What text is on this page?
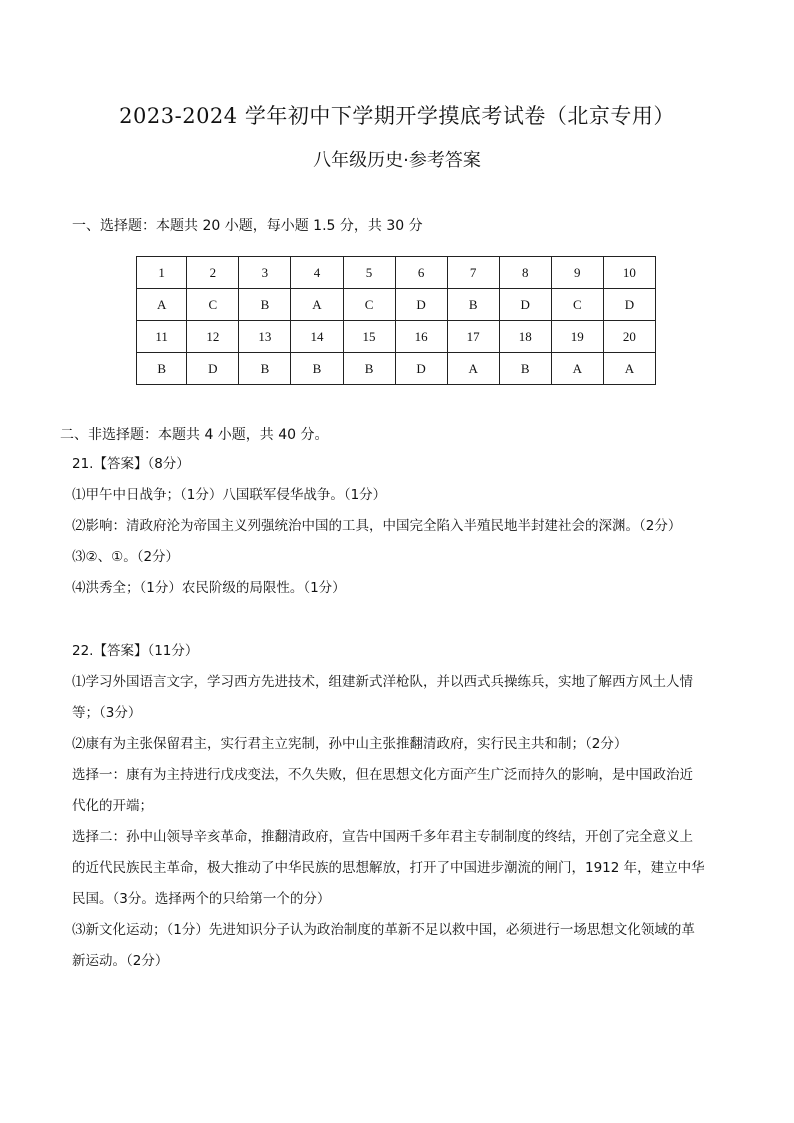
2023-2024 学年初中下学期开学摸底考试卷（北京专用）
八年级历史·参考答案
一、选择题：本题共 20 小题，每小题 1.5 分，共 30 分
1	2	3	4	5	6	7	8	9	10
A	C	B	A	C	D	B	D	C	D
11	12	13	14	15	16	17	18	19	20
B	D	B	B	B	D	A	B	A	A
二、非选择题：本题共 4 小题，共 40 分。
21.【答案】（8分）
⑴甲午中日战争；（1分）八国联军侵华战争。（1分）
⑵影响：清政府沦为帝国主义列强统治中国的工具，中国完全陷入半殖民地半封建社会的深渊。（2分）
⑶②、①。（2分）
⑷洪秀全；（1分）农民阶级的局限性。（1分）
22.【答案】（11分）
⑴学习外国语言文字，学习西方先进技术，组建新式洋枪队，并以西式兵操练兵，实地了解西方风土人情
等；（3分）
⑵康有为主张保留君主，实行君主立宪制，孙中山主张推翻清政府，实行民主共和制；（2分）
选择一：康有为主持进行戊戌变法，不久失败，但在思想文化方面产生广泛而持久的影响，是中国政治近
代化的开端；
选择二：孙中山领导辛亥革命，推翻清政府，宣告中国两千多年君主专制制度的终结，开创了完全意义上
的近代民族民主革命，极大推动了中华民族的思想解放，打开了中国进步潮流的闸门，1912 年，建立中华
民国。（3分。选择两个的只给第一个的分）
⑶新文化运动；（1分）先进知识分子认为政治制度的革新不足以救中国，必须进行一场思想文化领域的革
新运动。（2分）
